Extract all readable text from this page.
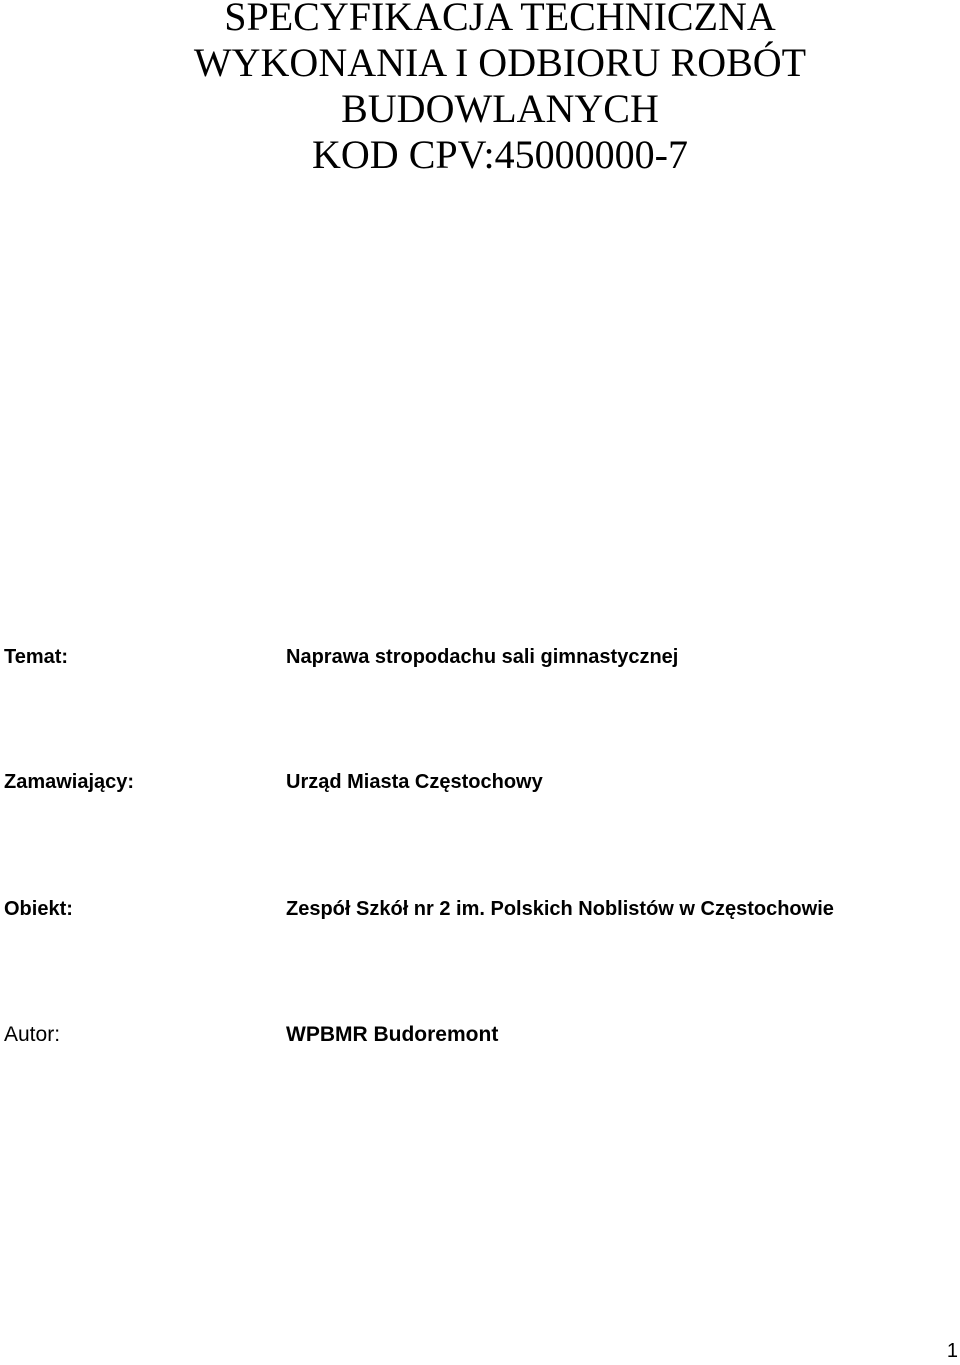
SPECYFIKACJA TECHNICZNA
WYKONANIA I ODBIORU ROBÓT
BUDOWLANYCH
KOD CPV:45000000-7
Temat:	Naprawa stropodachu sali gimnastycznej
Zamawiający:	Urząd Miasta Częstochowy
Obiekt:	Zespół Szkół nr 2 im. Polskich Noblistów w Częstochowie
Autor:	WPBMR Budoremont
1
